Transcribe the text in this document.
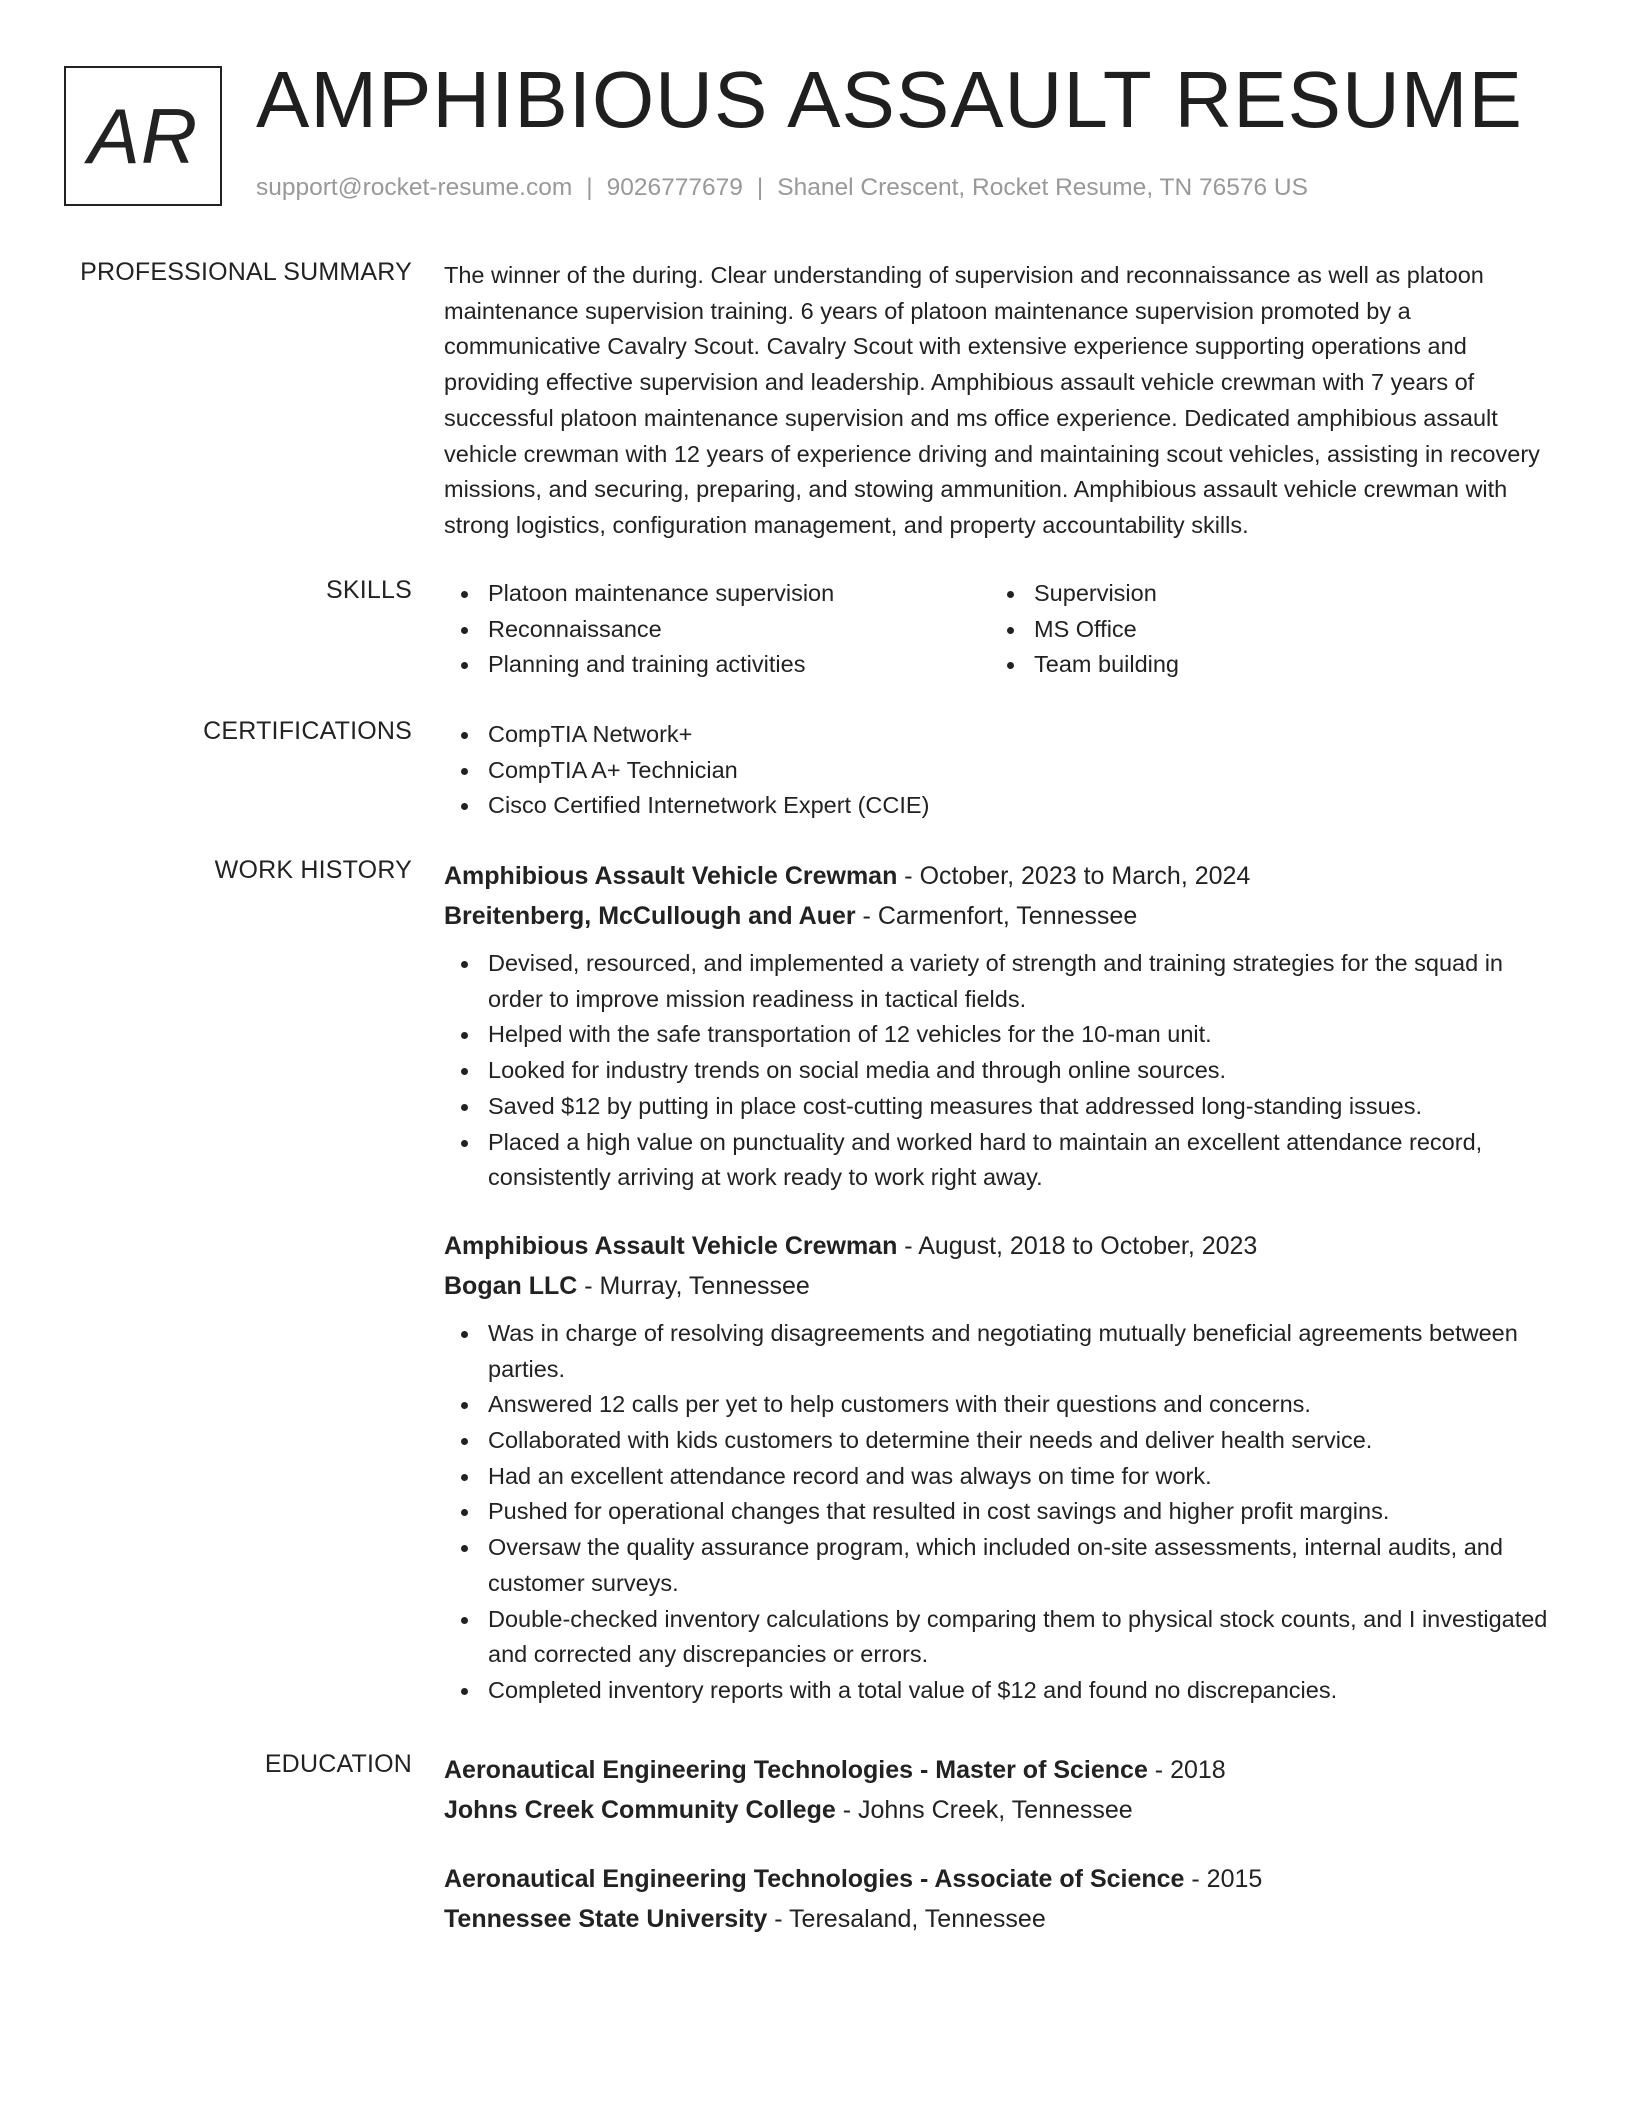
AR AMPHIBIOUS ASSAULT RESUME
support@rocket-resume.com | 9026777679 | Shanel Crescent, Rocket Resume, TN 76576 US
PROFESSIONAL SUMMARY The winner of the during. Clear understanding of supervision and reconnaissance as well as platoon maintenance supervision training. 6 years of platoon maintenance supervision promoted by a communicative Cavalry Scout. Cavalry Scout with extensive experience supporting operations and providing effective supervision and leadership. Amphibious assault vehicle crewman with 7 years of successful platoon maintenance supervision and ms office experience. Dedicated amphibious assault vehicle crewman with 12 years of experience driving and maintaining scout vehicles, assisting in recovery missions, and securing, preparing, and stowing ammunition. Amphibious assault vehicle crewman with strong logistics, configuration management, and property accountability skills.
SKILLS	Platoon maintenance supervision
Reconnaissance
Planning and training activities
Supervision
MS Office
Team building
CERTIFICATIONS	CompTIA Network+
CompTIA A+ Technician
Cisco Certified Internetwork Expert (CCIE)
WORK HISTORY Amphibious Assault Vehicle Crewman - October, 2023 to March, 2024
Breitenberg, McCullough and Auer - Carmenfort, Tennessee
Devised, resourced, and implemented a variety of strength and training strategies for the squad in order to improve mission readiness in tactical fields.
Helped with the safe transportation of 12 vehicles for the 10-man unit.
Looked for industry trends on social media and through online sources.
Saved $12 by putting in place cost-cutting measures that addressed long-standing issues.
Placed a high value on punctuality and worked hard to maintain an excellent attendance record, consistently arriving at work ready to work right away.
Amphibious Assault Vehicle Crewman - August, 2018 to October, 2023
Bogan LLC - Murray, Tennessee
Was in charge of resolving disagreements and negotiating mutually beneficial agreements between parties.
Answered 12 calls per yet to help customers with their questions and concerns.
Collaborated with kids customers to determine their needs and deliver health service.
Had an excellent attendance record and was always on time for work.
Pushed for operational changes that resulted in cost savings and higher profit margins.
Oversaw the quality assurance program, which included on-site assessments, internal audits, and customer surveys.
Double-checked inventory calculations by comparing them to physical stock counts, and I investigated and corrected any discrepancies or errors.
Completed inventory reports with a total value of $12 and found no discrepancies.
EDUCATION Aeronautical Engineering Technologies - Master of Science - 2018
Johns Creek Community College - Johns Creek, Tennessee
Aeronautical Engineering Technologies - Associate of Science - 2015
Tennessee State University - Teresaland, Tennessee
